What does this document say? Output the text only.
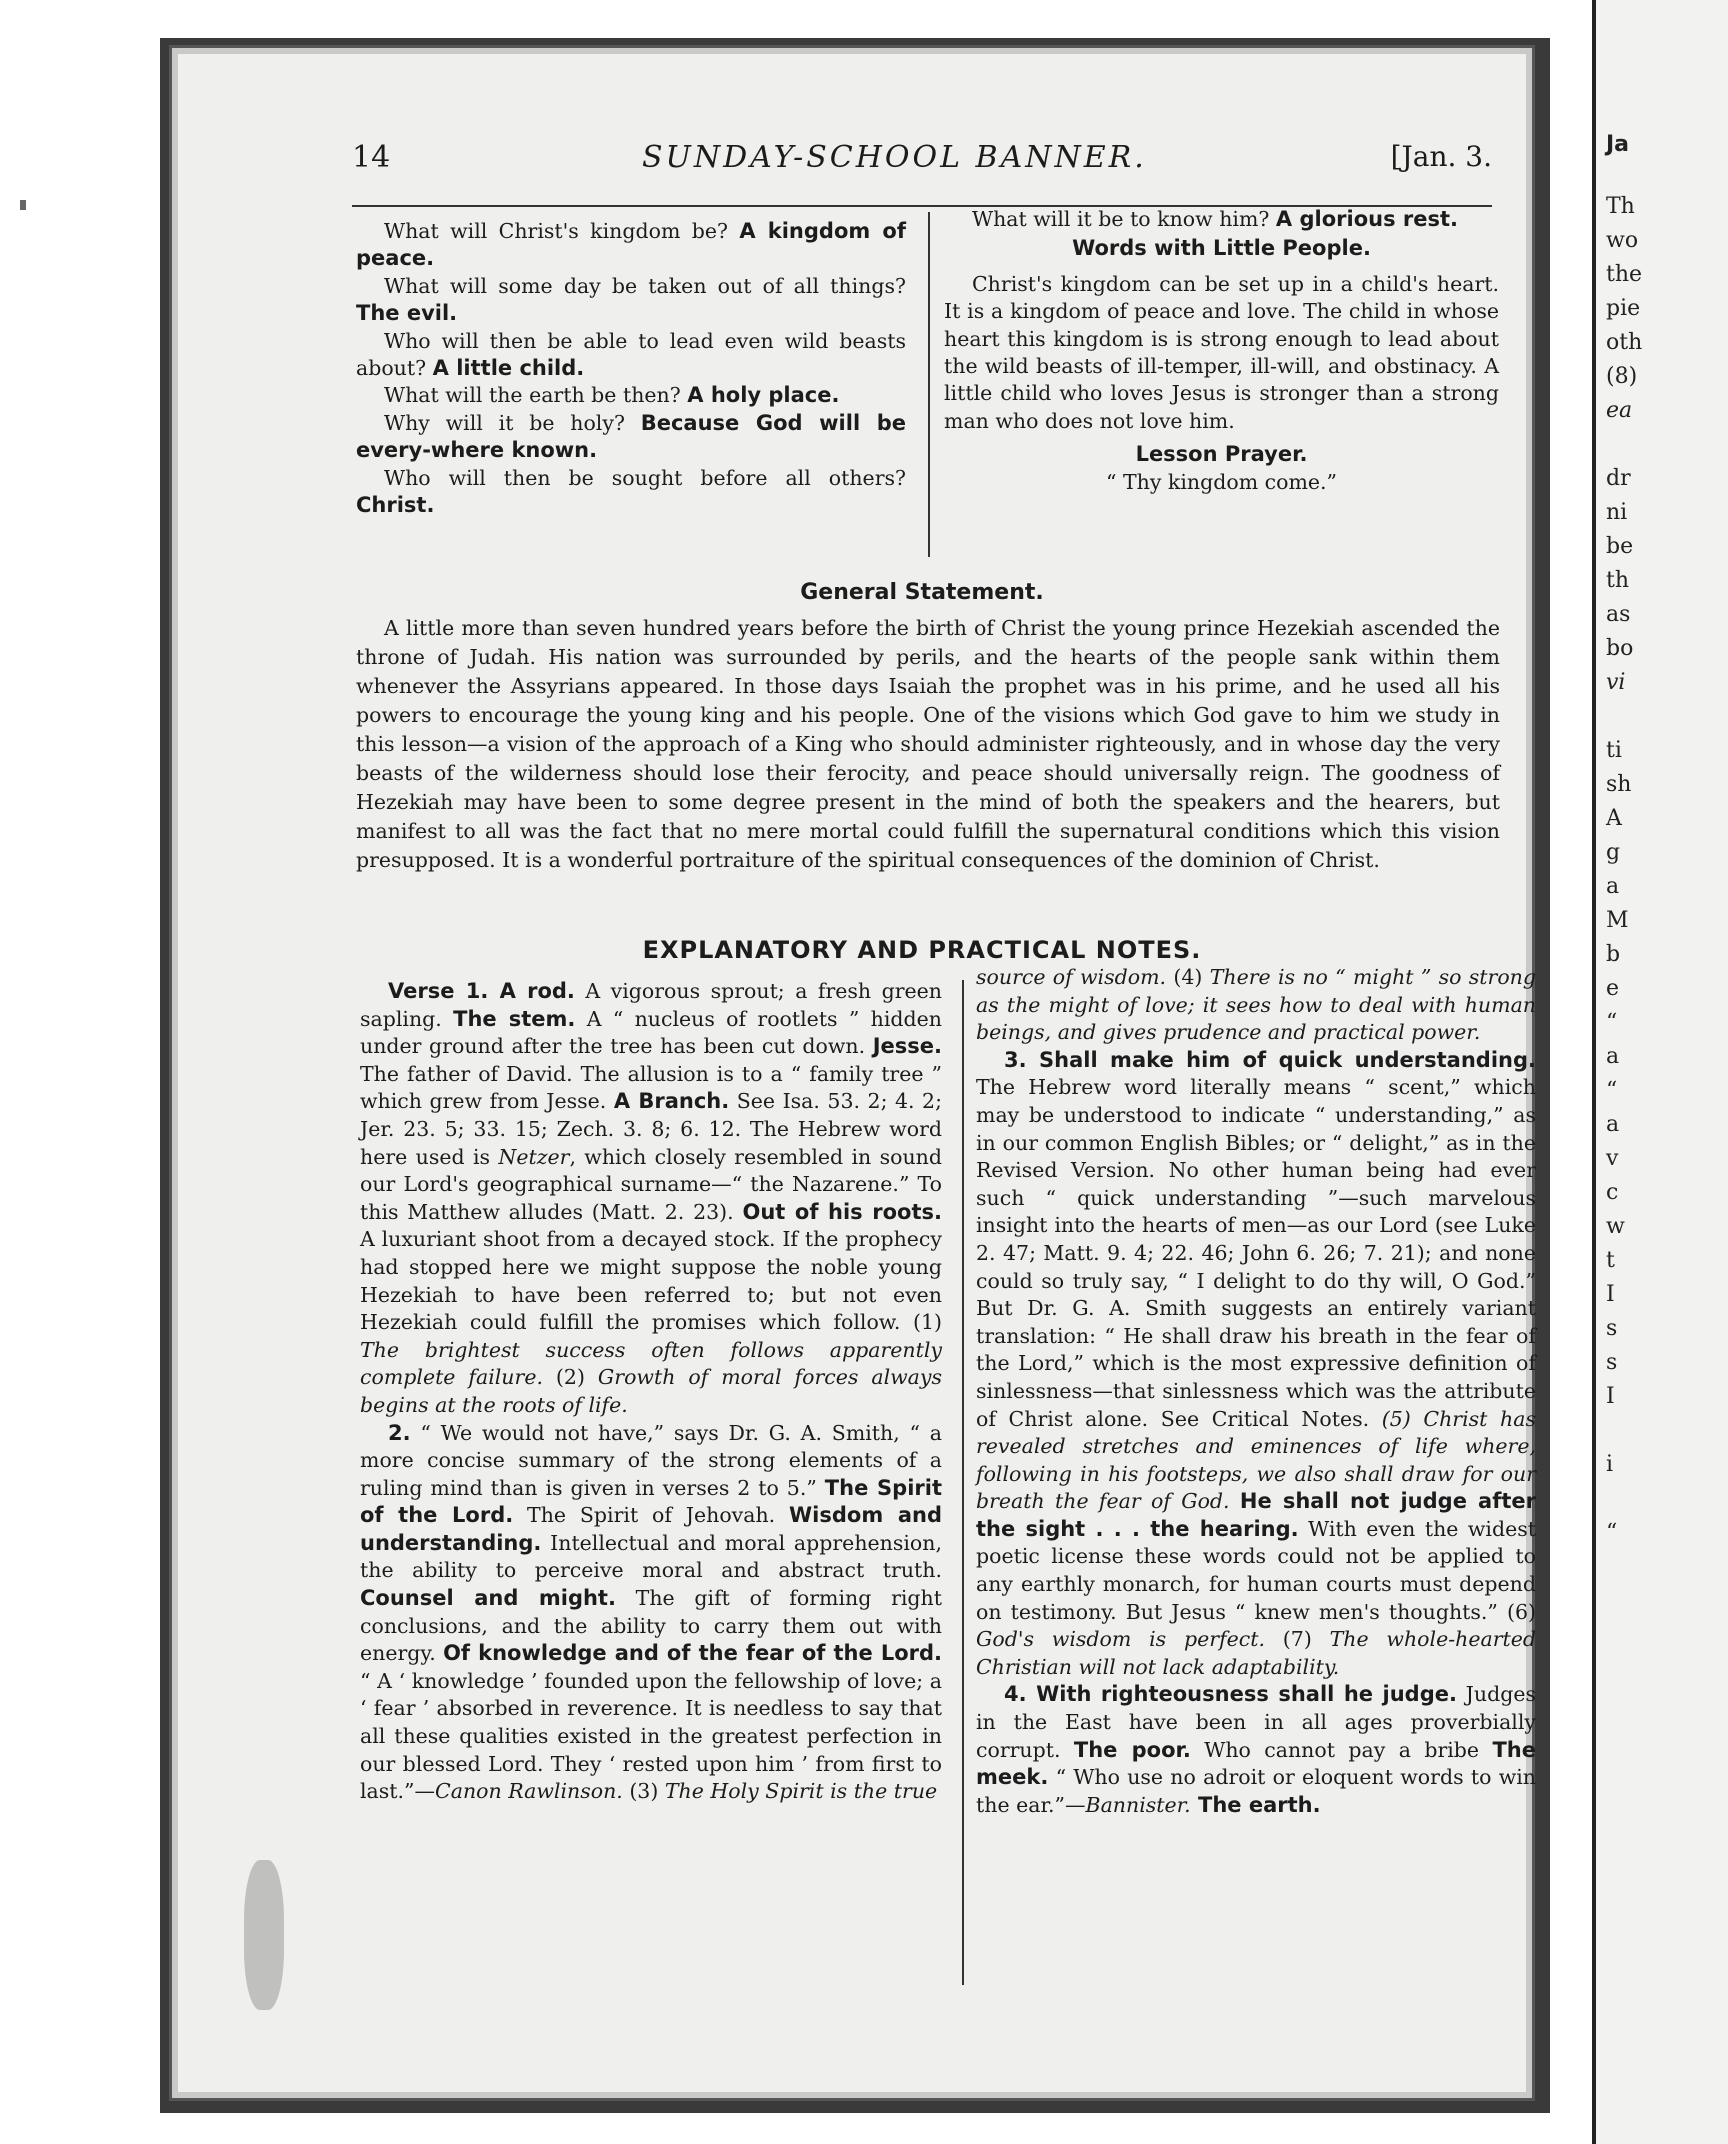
Ja
Th
wo
the
pie
oth
(8)
ea

dr
ni
be
th
as
bo
vi

ti
sh
A
g
a
M
b
e
“
a
“
a
v
c
w
t
I
s
s
I

i

“

14	SUNDAY-SCHOOL BANNER.	[Jan. 3.

What will Christ's kingdom be? A kingdom of peace.

What will some day be taken out of all things? The evil.

Who will then be able to lead even wild beasts about? A little child.

What will the earth be then? A holy place.

Why will it be holy? Because God will be every-where known.

Who will then be sought before all others? Christ.

What will it be to know him? A glorious rest.

Words with Little People.

Christ's kingdom can be set up in a child's heart. It is a kingdom of peace and love. The child in whose heart this kingdom is is strong enough to lead about the wild beasts of ill-temper, ill-will, and obstinacy. A little child who loves Jesus is stronger than a strong man who does not love him.

Lesson Prayer.

“ Thy kingdom come.”

General Statement.
A little more than seven hundred years before the birth of Christ the young prince Hezekiah ascended the throne of Judah. His nation was surrounded by perils, and the hearts of the people sank within them whenever the Assyrians appeared. In those days Isaiah the prophet was in his prime, and he used all his powers to encourage the young king and his people. One of the visions which God gave to him we study in this lesson—a vision of the approach of a King who should administer righteously, and in whose day the very beasts of the wilderness should lose their ferocity, and peace should universally reign. The goodness of Hezekiah may have been to some degree present in the mind of both the speakers and the hearers, but manifest to all was the fact that no mere mortal could fulfill the supernatural conditions which this vision presupposed. It is a wonderful portraiture of the spiritual consequences of the dominion of Christ.
EXPLANATORY AND PRACTICAL NOTES.

Verse 1. A rod. A vigorous sprout; a fresh green sapling. The stem. A “ nucleus of rootlets ” hidden under ground after the tree has been cut down. Jesse. The father of David. The allusion is to a “ family tree ” which grew from Jesse. A Branch. See Isa. 53. 2; 4. 2; Jer. 23. 5; 33. 15; Zech. 3. 8; 6. 12. The Hebrew word here used is Netzer, which closely resembled in sound our Lord's geographical surname—“ the Nazarene.” To this Matthew alludes (Matt. 2. 23). Out of his roots. A luxuriant shoot from a decayed stock. If the prophecy had stopped here we might suppose the noble young Hezekiah to have been referred to; but not even Hezekiah could fulfill the promises which follow. (1) The brightest success often follows apparently complete failure. (2) Growth of moral forces always begins at the roots of life.

2. “ We would not have,” says Dr. G. A. Smith, “ a more concise summary of the strong elements of a ruling mind than is given in verses 2 to 5.” The Spirit of the Lord. The Spirit of Jehovah. Wisdom and understanding. Intellectual and moral apprehension, the ability to perceive moral and abstract truth. Counsel and might. The gift of forming right conclusions, and the ability to carry them out with energy. Of knowledge and of the fear of the Lord. “ A ‘ knowledge ’ founded upon the fellowship of love; a ‘ fear ’ absorbed in reverence. It is needless to say that all these qualities existed in the greatest perfection in our blessed Lord. They ‘ rested upon him ’ from first to last.”—Canon Rawlinson. (3) The Holy Spirit is the true

source of wisdom. (4) There is no “ might ” so strong as the might of love; it sees how to deal with human beings, and gives prudence and practical power.

3. Shall make him of quick understanding. The Hebrew word literally means “ scent,” which may be understood to indicate “ understanding,” as in our common English Bibles; or “ delight,” as in the Revised Version. No other human being had ever such “ quick understanding ”—such marvelous insight into the hearts of men—as our Lord (see Luke 2. 47; Matt. 9. 4; 22. 46; John 6. 26; 7. 21); and none could so truly say, “ I delight to do thy will, O God.” But Dr. G. A. Smith suggests an entirely variant translation: “ He shall draw his breath in the fear of the Lord,” which is the most expressive definition of sinlessness—that sinlessness which was the attribute of Christ alone. See Critical Notes. (5) Christ has revealed stretches and eminences of life where, following in his footsteps, we also shall draw for our breath the fear of God. He shall not judge after the sight . . . the hearing. With even the widest poetic license these words could not be applied to any earthly monarch, for human courts must depend on testimony. But Jesus “ knew men's thoughts.” (6) God's wisdom is perfect. (7) The whole-hearted Christian will not lack adaptability.

4. With righteousness shall he judge. Judges in the East have been in all ages proverbially corrupt. The poor. Who cannot pay a bribe The meek. “ Who use no adroit or eloquent words to win the ear.”—Bannister. The earth.
